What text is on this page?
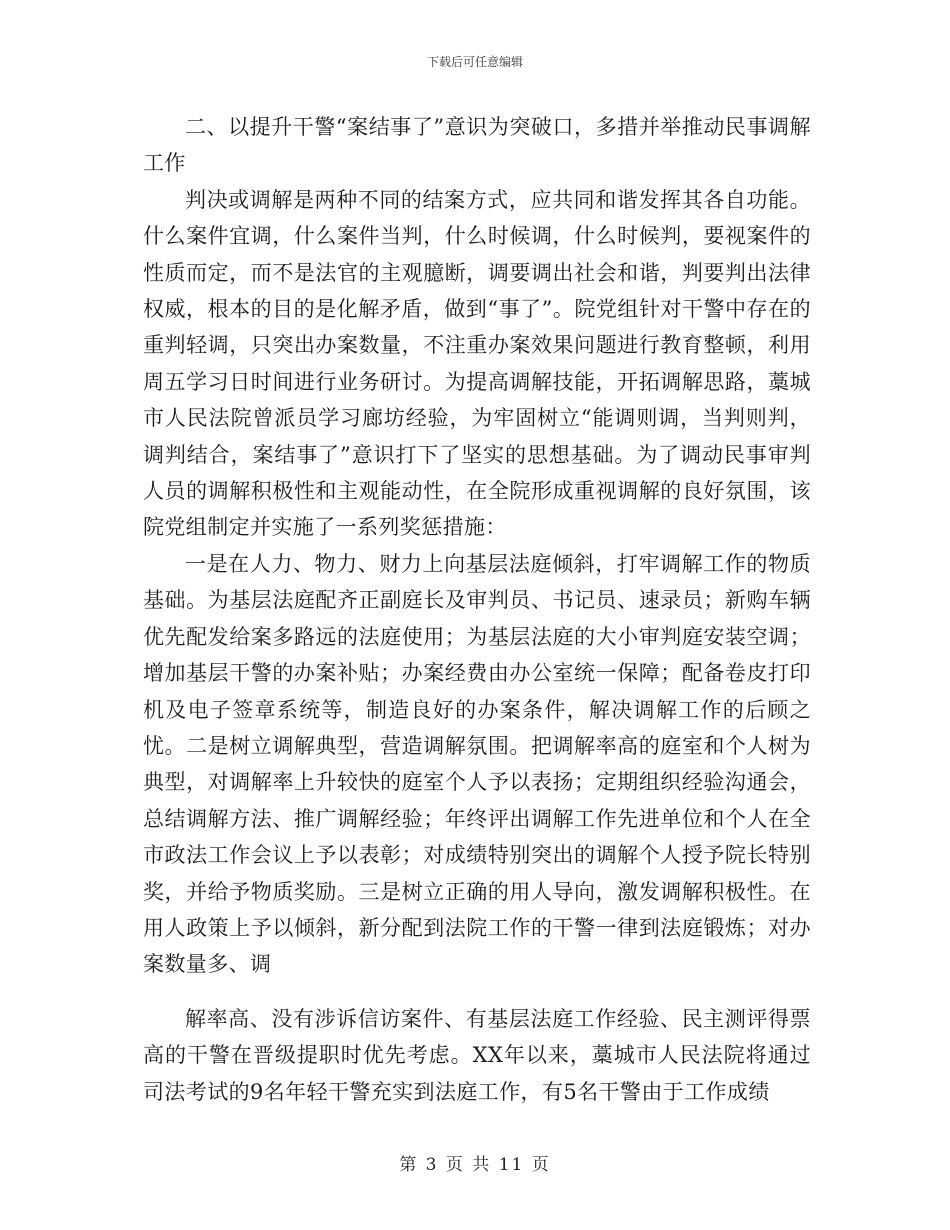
下载后可任意编辑

二、以提升干警“案结事了”意识为突破口，多措并举推动民事调解工作

判决或调解是两种不同的结案方式，应共同和谐发挥其各自功能。什么案件宜调，什么案件当判，什么时候调，什么时候判，要视案件的性质而定，而不是法官的主观臆断，调要调出社会和谐，判要判出法律权威，根本的目的是化解矛盾，做到“事了”。院党组针对干警中存在的重判轻调，只突出办案数量，不注重办案效果问题进行教育整顿，利用周五学习日时间进行业务研讨。为提高调解技能，开拓调解思路，藁城市人民法院曾派员学习廊坊经验，为牢固树立“能调则调，当判则判，调判结合，案结事了”意识打下了坚实的思想基础。为了调动民事审判人员的调解积极性和主观能动性，在全院形成重视调解的良好氛围，该院党组制定并实施了一系列奖惩措施：

一是在人力、物力、财力上向基层法庭倾斜，打牢调解工作的物质基础。为基层法庭配齐正副庭长及审判员、书记员、速录员；新购车辆优先配发给案多路远的法庭使用；为基层法庭的大小审判庭安装空调；增加基层干警的办案补贴；办案经费由办公室统一保障；配备卷皮打印机及电子签章系统等，制造良好的办案条件，解决调解工作的后顾之忧。二是树立调解典型，营造调解氛围。把调解率高的庭室和个人树为典型，对调解率上升较快的庭室个人予以表扬；定期组织经验沟通会，总结调解方法、推广调解经验；年终评出调解工作先进单位和个人在全市政法工作会议上予以表彰；对成绩特别突出的调解个人授予院长特别奖，并给予物质奖励。三是树立正确的用人导向，激发调解积极性。在用人政策上予以倾斜，新分配到法院工作的干警一律到法庭锻炼；对办案数量多、调

解率高、没有涉诉信访案件、有基层法庭工作经验、民主测评得票高的干警在晋级提职时优先考虑。XX年以来，藁城市人民法院将通过司法考试的9名年轻干警充实到法庭工作，有5名干警由于工作成绩

第 3 页 共 11 页
